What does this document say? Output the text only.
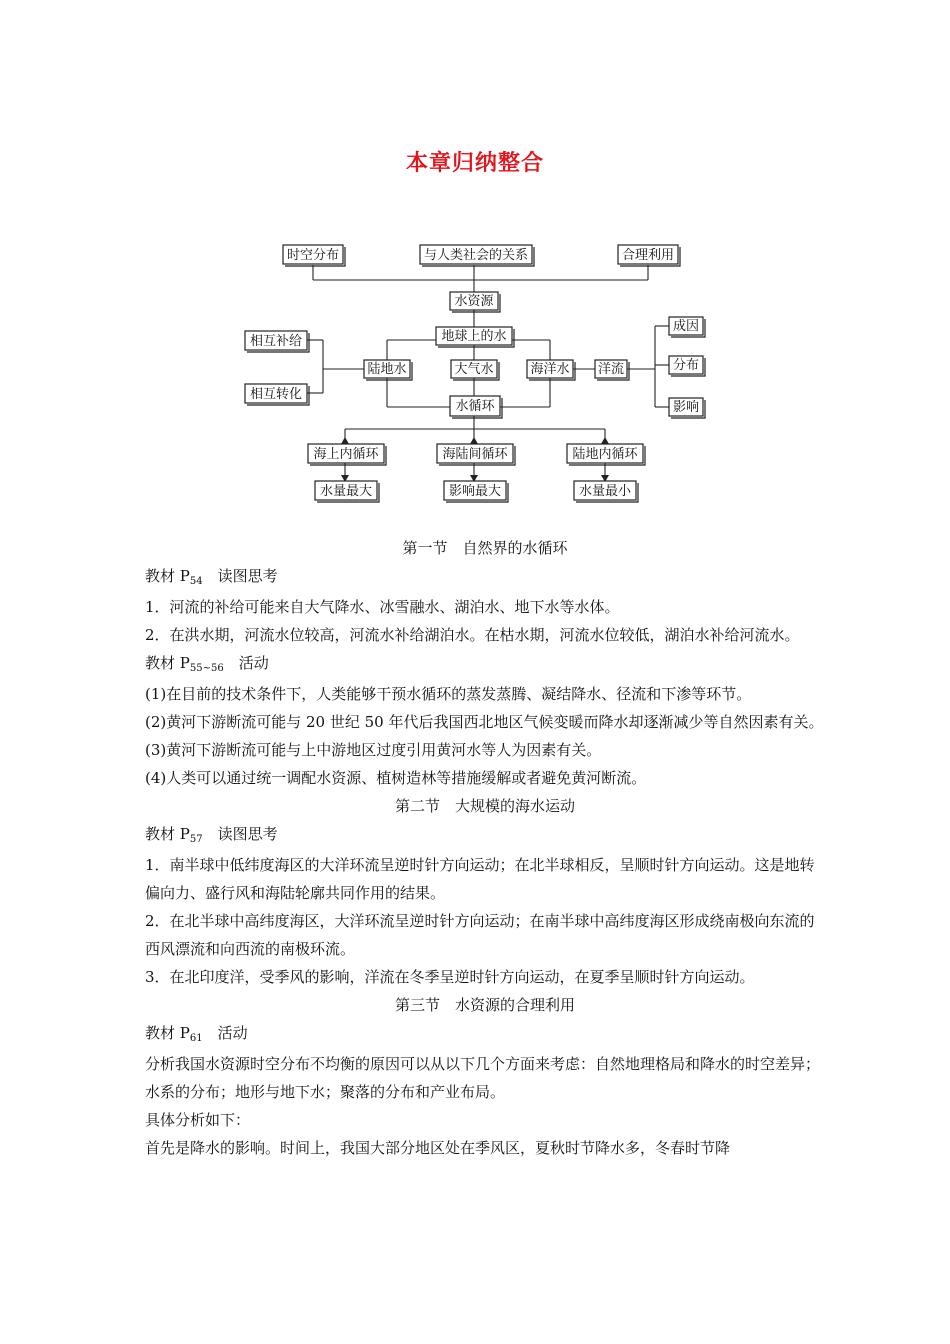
本章归纳整合
时空分布	与人类社会的关系	合理利用
水资源
地球上的水
相互补给
相互转化
陆地水	大气水	海洋水 洋流
成因
分布
影响
水循环
海上内循环	海陆间循环	陆地内循环
水量最大	影响最大	水量最小

第一节　自然界的水循环

教材 $P_{54}$　读图思考

1．河流的补给可能来自大气降水、冰雪融水、湖泊水、地下水等水体。

2．在洪水期，河流水位较高，河流水补给湖泊水。在枯水期，河流水位较低，湖泊水补给河流水。

教材 $P_{55\sim 56}$　活动

(1)在目前的技术条件下，人类能够干预水循环的蒸发蒸腾、凝结降水、径流和下渗等环节。

(2)黄河下游断流可能与 20 世纪 50 年代后我国西北地区气候变暖而降水却逐渐减少等自然因素有关。

(3)黄河下游断流可能与上中游地区过度引用黄河水等人为因素有关。

(4)人类可以通过统一调配水资源、植树造林等措施缓解或者避免黄河断流。

第二节　大规模的海水运动

教材 $P_{57}$　读图思考

1．南半球中低纬度海区的大洋环流呈逆时针方向运动；在北半球相反，呈顺时针方向运动。这是地转偏向力、盛行风和海陆轮廓共同作用的结果。

2．在北半球中高纬度海区，大洋环流呈逆时针方向运动；在南半球中高纬度海区形成绕南极向东流的西风漂流和向西流的南极环流。

3．在北印度洋，受季风的影响，洋流在冬季呈逆时针方向运动，在夏季呈顺时针方向运动。

第三节　水资源的合理利用

教材 $P_{61}$　活动

分析我国水资源时空分布不均衡的原因可以从以下几个方面来考虑：自然地理格局和降水的时空差异；水系的分布；地形与地下水；聚落的分布和产业布局。

具体分析如下：

首先是降水的影响。时间上，我国大部分地区处在季风区，夏秋时节降水多，冬春时节降
